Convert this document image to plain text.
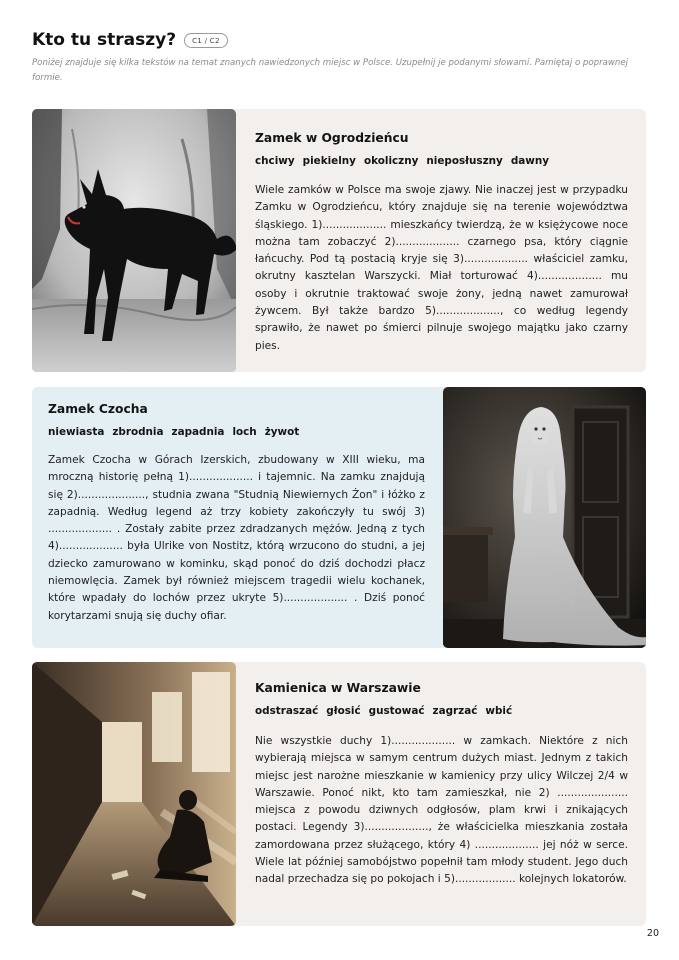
Kto tu straszy?	C1 / C2
Poniżej znajduje się kilka tekstów na temat znanych nawiedzonych miejsc w Polsce. Uzupełnij je podanymi słowami. Pamiętaj o poprawnej formie.
Zamek w Ogrodzieńcu
chciwy piekielny okoliczny nieposłuszny dawny
Wiele zamków w Polsce ma swoje zjawy. Nie inaczej jest w przypadku Zamku w Ogrodzieńcu, który znajduje się na terenie województwa śląskiego. 1)................... mieszkańcy twierdzą, że w księżycowe noce można tam zobaczyć 2)................... czarnego psa, który ciągnie łańcuchy. Pod tą postacią kryje się 3)................... właściciel zamku, okrutny kasztelan Warszycki. Miał torturować 4)................... mu osoby i okrutnie traktować swoje żony, jedną nawet zamurował żywcem. Był także bardzo 5)..................., co według legendy sprawiło, że nawet po śmierci pilnuje swojego majątku jako czarny pies.
Zamek Czocha
niewiasta zbrodnia zapadnia loch żywot
Zamek Czocha w Górach Izerskich, zbudowany w XIII wieku, ma mroczną historię pełną 1)................... i tajemnic. Na zamku znajdują się 2)...................., studnia zwana "Studnią Niewiernych Żon" i łóżko z zapadnią. Według legend aż trzy kobiety zakończyły tu swój 3) ................... . Zostały zabite przez zdradzanych mężów. Jedną z tych 4)................... była Ulrike von Nostitz, którą wrzucono do studni, a jej dziecko zamurowano w kominku, skąd ponoć do dziś dochodzi płacz niemowlęcia. Zamek był również miejscem tragedii wielu kochanek, które wpadały do lochów przez ukryte 5)................... . Dziś ponoć korytarzami snują się duchy ofiar.
Kamienica w Warszawie
odstraszać głosić gustować zagrzać wbić
Nie wszystkie duchy 1)................... w zamkach. Niektóre z nich wybierają miejsca w samym centrum dużych miast. Jednym z takich miejsc jest narożne mieszkanie w kamienicy przy ulicy Wilczej 2/4 w Warszawie. Ponoć nikt, kto tam zamieszkał, nie 2) ..................... miejsca z powodu dziwnych odgłosów, plam krwi i znikających postaci. Legendy 3)..................., że właścicielka mieszkania została zamordowana przez służącego, który 4) ................... jej nóż w serce. Wiele lat później samobójstwo popełnił tam młody student. Jego duch nadal przechadza się po pokojach i 5).................. kolejnych lokatorów.
20
